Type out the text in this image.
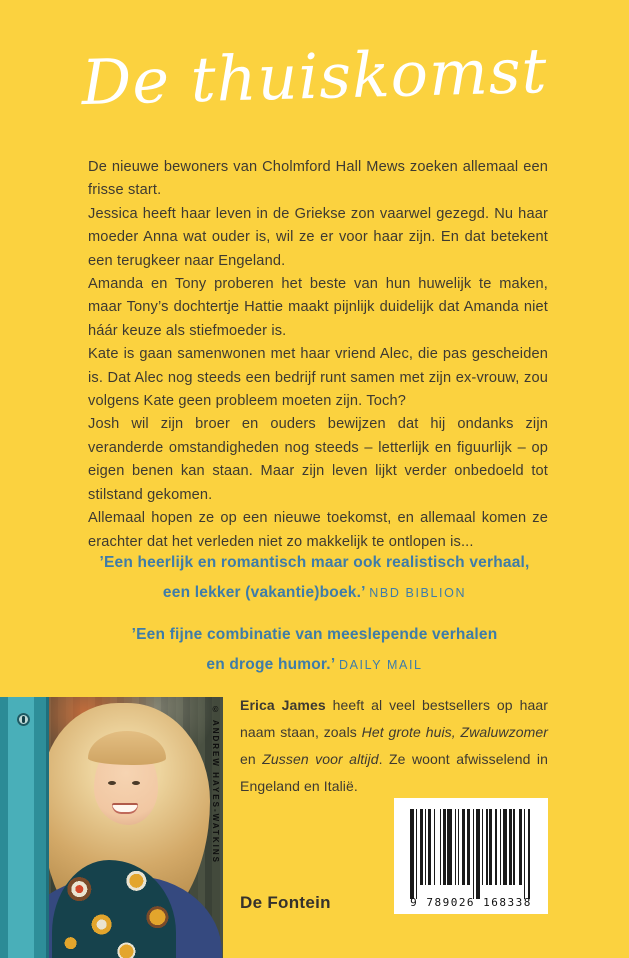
De thuiskomst

De nieuwe bewoners van Cholmford Hall Mews zoeken allemaal een frisse start.

Jessica heeft haar leven in de Griekse zon vaarwel gezegd. Nu haar moeder Anna wat ouder is, wil ze er voor haar zijn. En dat betekent een terugkeer naar Engeland.

Amanda en Tony proberen het beste van hun huwelijk te maken, maar Tony’s dochtertje Hattie maakt pijnlijk duidelijk dat Amanda niet háár keuze als stiefmoeder is.

Kate is gaan samenwonen met haar vriend Alec, die pas gescheiden is. Dat Alec nog steeds een bedrijf runt samen met zijn ex-vrouw, zou volgens Kate geen probleem moeten zijn. Toch?

Josh wil zijn broer en ouders bewijzen dat hij ondanks zijn veranderde omstandigheden nog steeds – letterlijk en figuurlijk – op eigen benen kan staan. Maar zijn leven lijkt verder onbedoeld tot stilstand gekomen.

Allemaal hopen ze op een nieuwe toekomst, en allemaal komen ze erachter dat het verleden niet zo makkelijk te ontlopen is...

’Een heerlijk en romantisch maar ook realistisch verhaal,
een lekker (vakantie)boek.’ NBD BIBLION

’Een fijne combinatie van meeslepende verhalen
en droge humor.’ DAILY MAIL

© ANDREW HAYES-WATKINS Erica James heeft al veel bestsellers op haar naam staan, zoals Het grote huis, Zwaluwzomer en Zussen voor altijd. Ze woont afwisselend in Engeland en Italië.
9 789026 168338
De Fontein
